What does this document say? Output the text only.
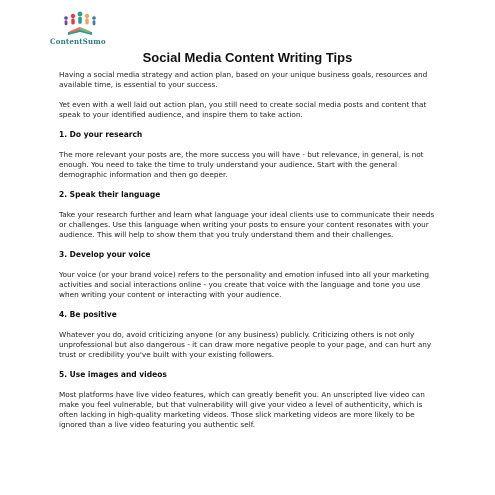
ContentSumo
Social Media Content Writing Tips

Having a social media strategy and action plan, based on your unique business goals, resources and available time, is essential to your success.

Yet even with a well laid out action plan, you still need to create social media posts and content that speak to your identified audience, and inspire them to take action.

1. Do your research

The more relevant your posts are, the more success you will have - but relevance, in general, is not enough. You need to take the time to truly understand your audience. Start with the general demographic information and then go deeper.

2. Speak their language

Take your research further and learn what language your ideal clients use to communicate their needs or challenges. Use this language when writing your posts to ensure your content resonates with your audience. This will help to show them that you truly understand them and their challenges.

3. Develop your voice

Your voice (or your brand voice) refers to the personality and emotion infused into all your marketing activities and social interactions online - you create that voice with the language and tone you use when writing your content or interacting with your audience.

4. Be positive

Whatever you do, avoid criticizing anyone (or any business) publicly. Criticizing others is not only unprofessional but also dangerous - it can draw more negative people to your page, and can hurt any trust or credibility you've built with your existing followers.

5. Use images and videos

Most platforms have live video features, which can greatly benefit you. An unscripted live video can make you feel vulnerable, but that vulnerability will give your video a level of authenticity, which is often lacking in high-quality marketing videos. Those slick marketing videos are more likely to be ignored than a live video featuring you authentic self.
